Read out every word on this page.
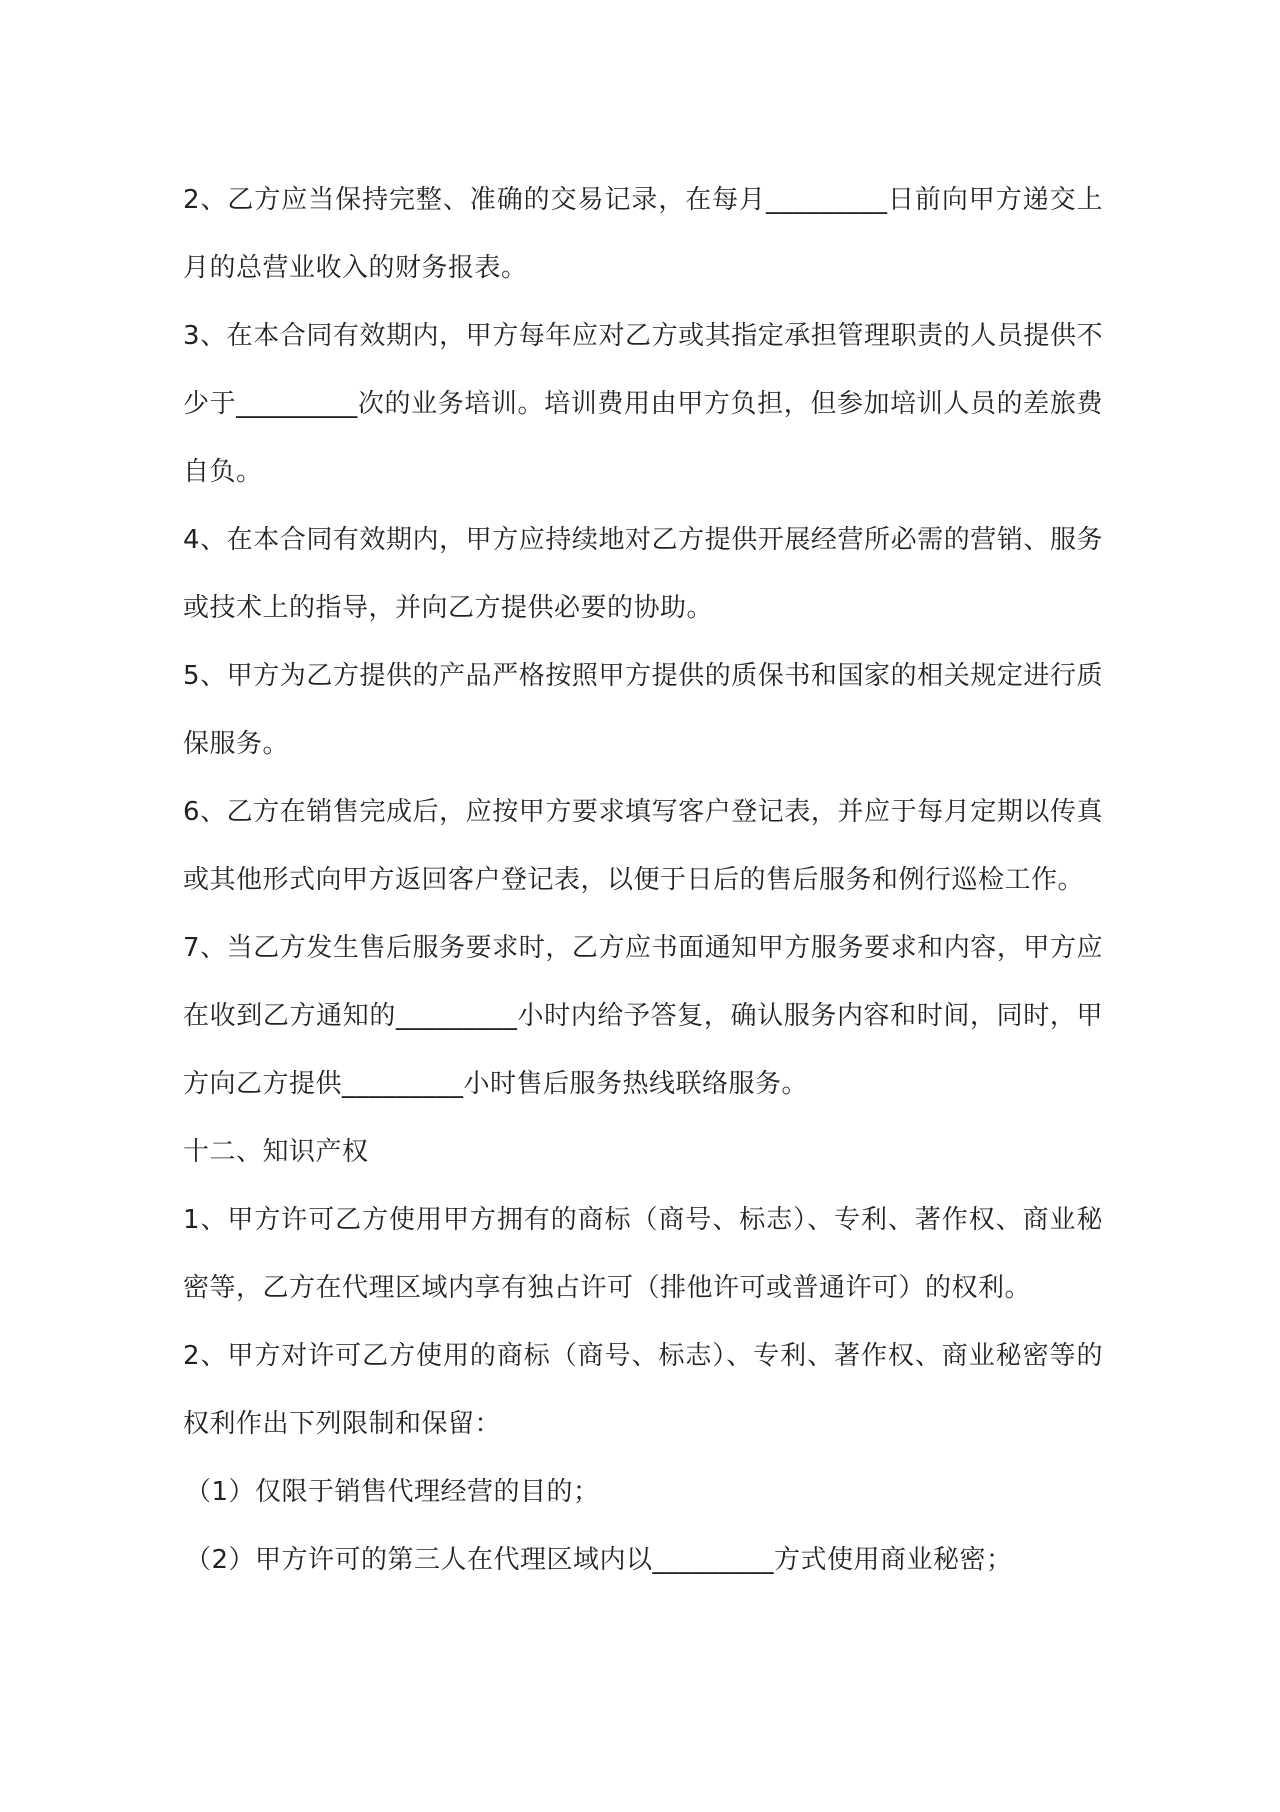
2、乙方应当保持完整、准确的交易记录，在每月_________日前向甲方递交上月的总营业收入的财务报表。

3、在本合同有效期内，甲方每年应对乙方或其指定承担管理职责的人员提供不少于_________次的业务培训。培训费用由甲方负担，但参加培训人员的差旅费自负。

4、在本合同有效期内，甲方应持续地对乙方提供开展经营所必需的营销、服务或技术上的指导，并向乙方提供必要的协助。

5、甲方为乙方提供的产品严格按照甲方提供的质保书和国家的相关规定进行质保服务。

6、乙方在销售完成后，应按甲方要求填写客户登记表，并应于每月定期以传真或其他形式向甲方返回客户登记表，以便于日后的售后服务和例行巡检工作。

7、当乙方发生售后服务要求时，乙方应书面通知甲方服务要求和内容，甲方应在收到乙方通知的_________小时内给予答复，确认服务内容和时间，同时，甲方向乙方提供_________小时售后服务热线联络服务。

十二、知识产权

1、甲方许可乙方使用甲方拥有的商标（商号、标志）、专利、著作权、商业秘密等，乙方在代理区域内享有独占许可（排他许可或普通许可）的权利。

2、甲方对许可乙方使用的商标（商号、标志）、专利、著作权、商业秘密等的权利作出下列限制和保留：

（1）仅限于销售代理经营的目的；

（2）甲方许可的第三人在代理区域内以_________方式使用商业秘密；
